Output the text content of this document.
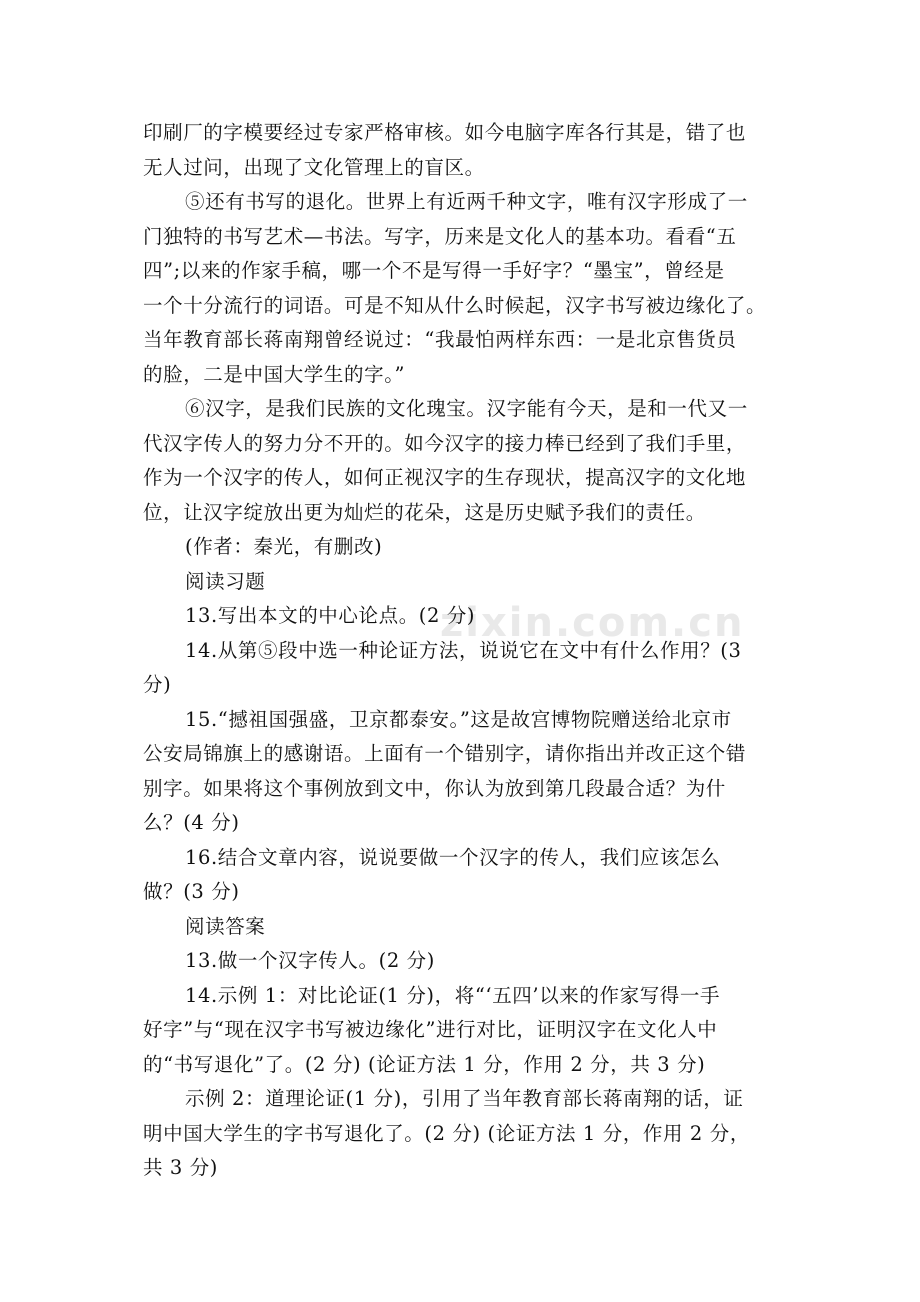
zixin.com.cn
印刷厂的字模要经过专家严格审核。如今电脑字库各行其是，错了也
无人过问，出现了文化管理上的盲区。
⑤还有书写的退化。世界上有近两千种文字，唯有汉字形成了一
门独特的书写艺术—书法。写字，历来是文化人的基本功。看看“五
四”;以来的作家手稿，哪一个不是写得一手好字？“墨宝”，曾经是
一个十分流行的词语。可是不知从什么时候起，汉字书写被边缘化了。
当年教育部长蒋南翔曾经说过：“我最怕两样东西：一是北京售货员
的脸，二是中国大学生的字。”
⑥汉字，是我们民族的文化瑰宝。汉字能有今天，是和一代又一
代汉字传人的努力分不开的。如今汉字的接力棒已经到了我们手里，
作为一个汉字的传人，如何正视汉字的生存现状，提高汉字的文化地
位，让汉字绽放出更为灿烂的花朵，这是历史赋予我们的责任。
(作者：秦光，有删改)
阅读习题
13.写出本文的中心论点。(2 分)
14.从第⑤段中选一种论证方法，说说它在文中有什么作用？(3
分)
15.“撼祖国强盛，卫京都泰安。”这是故宫博物院赠送给北京市
公安局锦旗上的感谢语。上面有一个错别字，请你指出并改正这个错
别字。如果将这个事例放到文中，你认为放到第几段最合适？为什
么？(4 分)
16.结合文章内容，说说要做一个汉字的传人，我们应该怎么
做？(3 分)
阅读答案
13.做一个汉字传人。(2 分)
14.示例 1：对比论证(1 分)，将“‘五四’以来的作家写得一手
好字”与“现在汉字书写被边缘化”进行对比，证明汉字在文化人中
的“书写退化”了。(2 分) (论证方法 1 分，作用 2 分，共 3 分)
示例 2：道理论证(1 分)，引用了当年教育部长蒋南翔的话，证
明中国大学生的字书写退化了。(2 分) (论证方法 1 分，作用 2 分，
共 3 分)
